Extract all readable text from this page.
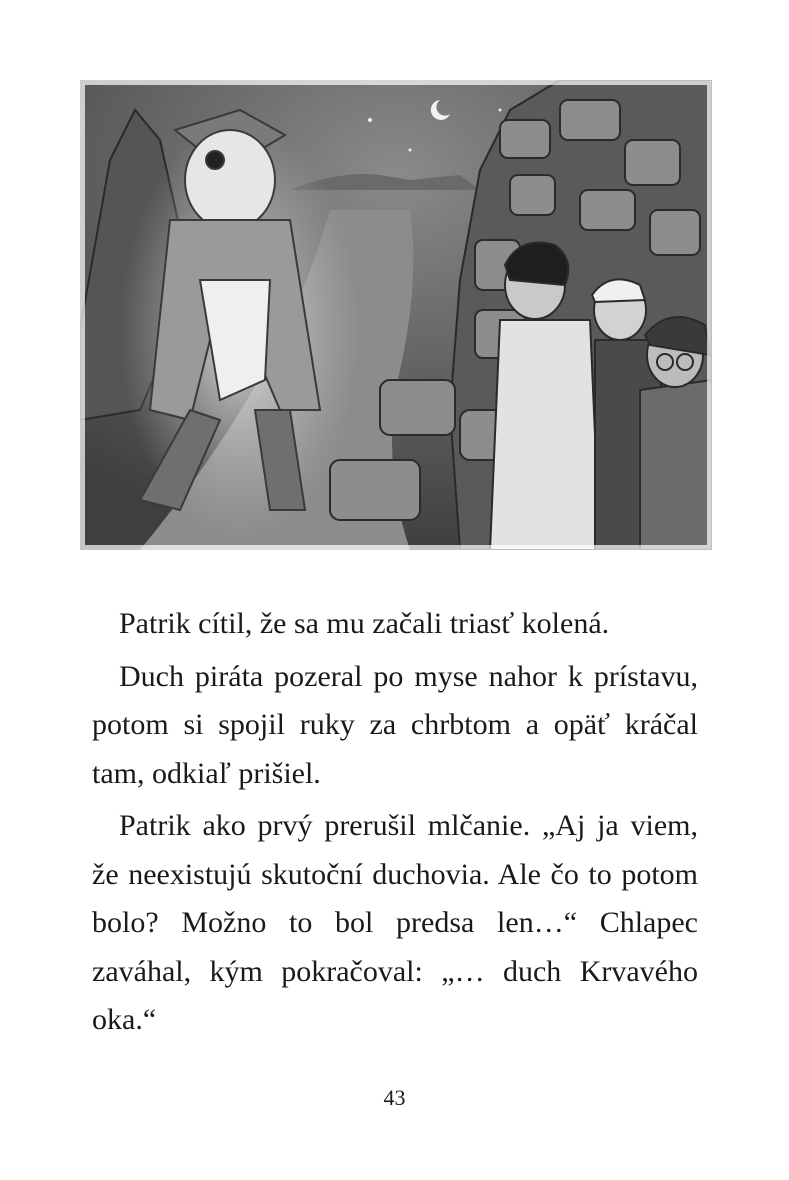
Patrik cítil, že sa mu začali triasť kolená.

Duch piráta pozeral po myse nahor k prístavu, potom si spojil ruky za chrbtom a opäť kráčal tam, odkiaľ prišiel.

Patrik ako prvý prerušil mlčanie. „Aj ja viem, že neexistujú skutoční duchovia. Ale čo to potom bolo? Možno to bol predsa len…“ Chlapec zaváhal, kým pokračoval: „… duch Krvavého oka.“

43
